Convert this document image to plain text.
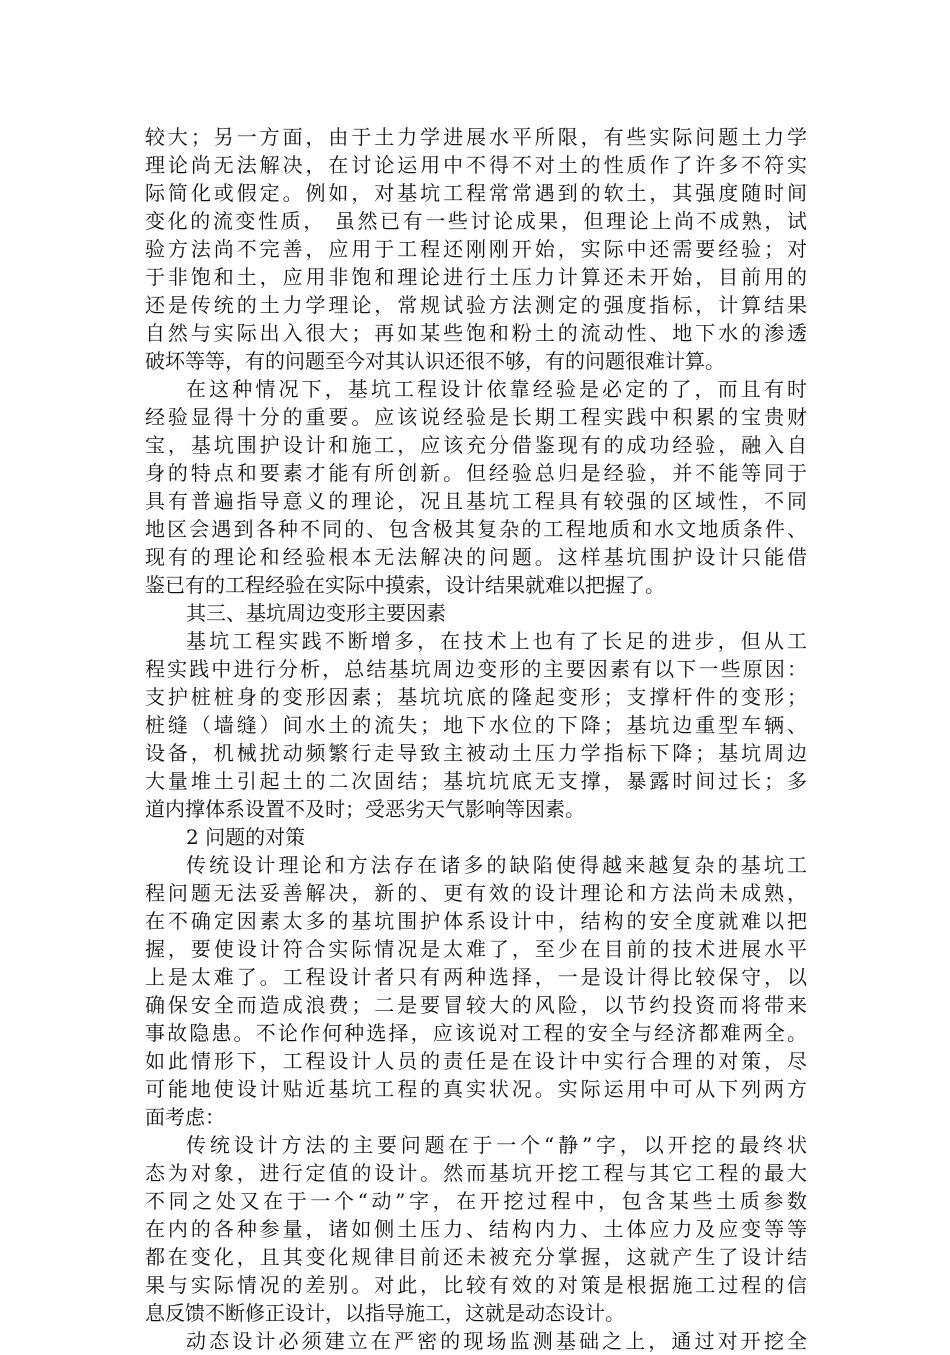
较大；另一方面，由于土力学进展水平所限，有些实际问题土力学
理论尚无法解决，在讨论运用中不得不对土的性质作了许多不符实
际简化或假定。例如，对基坑工程常常遇到的软土，其强度随时间
变化的流变性质， 虽然已有一些讨论成果，但理论上尚不成熟，试
验方法尚不完善，应用于工程还刚刚开始，实际中还需要经验；对
于非饱和土，应用非饱和理论进行土压力计算还未开始，目前用的
还是传统的土力学理论，常规试验方法测定的强度指标，计算结果
自然与实际出入很大；再如某些饱和粉土的流动性、地下水的渗透
破坏等等，有的问题至今对其认识还很不够，有的问题很难计算。
在这种情况下，基坑工程设计依靠经验是必定的了，而且有时
经验显得十分的重要。应该说经验是长期工程实践中积累的宝贵财
宝，基坑围护设计和施工，应该充分借鉴现有的成功经验，融入自
身的特点和要素才能有所创新。但经验总归是经验，并不能等同于
具有普遍指导意义的理论，况且基坑工程具有较强的区域性，不同
地区会遇到各种不同的、包含极其复杂的工程地质和水文地质条件、
现有的理论和经验根本无法解决的问题。这样基坑围护设计只能借
鉴已有的工程经验在实际中摸索，设计结果就难以把握了。
其三、基坑周边变形主要因素
基坑工程实践不断增多，在技术上也有了长足的进步，但从工
程实践中进行分析，总结基坑周边变形的主要因素有以下一些原因：
支护桩桩身的变形因素；基坑坑底的隆起变形；支撑杆件的变形；
桩缝（墙缝）间水土的流失；地下水位的下降；基坑边重型车辆、
设备，机械扰动频繁行走导致主被动土压力学指标下降；基坑周边
大量堆土引起土的二次固结；基坑坑底无支撑，暴露时间过长；多
道内撑体系设置不及时；受恶劣天气影响等因素。
2 问题的对策
传统设计理论和方法存在诸多的缺陷使得越来越复杂的基坑工
程问题无法妥善解决，新的、更有效的设计理论和方法尚未成熟，
在不确定因素太多的基坑围护体系设计中，结构的安全度就难以把
握，要使设计符合实际情况是太难了，至少在目前的技术进展水平
上是太难了。工程设计者只有两种选择，一是设计得比较保守，以
确保安全而造成浪费；二是要冒较大的风险，以节约投资而将带来
事故隐患。不论作何种选择，应该说对工程的安全与经济都难两全。
如此情形下，工程设计人员的责任是在设计中实行合理的对策，尽
可能地使设计贴近基坑工程的真实状况。实际运用中可从下列两方
面考虑：
传统设计方法的主要问题在于一个“静”字，以开挖的最终状
态为对象，进行定值的设计。然而基坑开挖工程与其它工程的最大
不同之处又在于一个“动”字，在开挖过程中，包含某些土质参数
在内的各种参量，诸如侧土压力、结构内力、土体应力及应变等等
都在变化，且其变化规律目前还未被充分掌握，这就产生了设计结
果与实际情况的差别。对此，比较有效的对策是根据施工过程的信
息反馈不断修正设计，以指导施工，这就是动态设计。
动态设计必须建立在严密的现场监测基础之上，通过对开挖全
